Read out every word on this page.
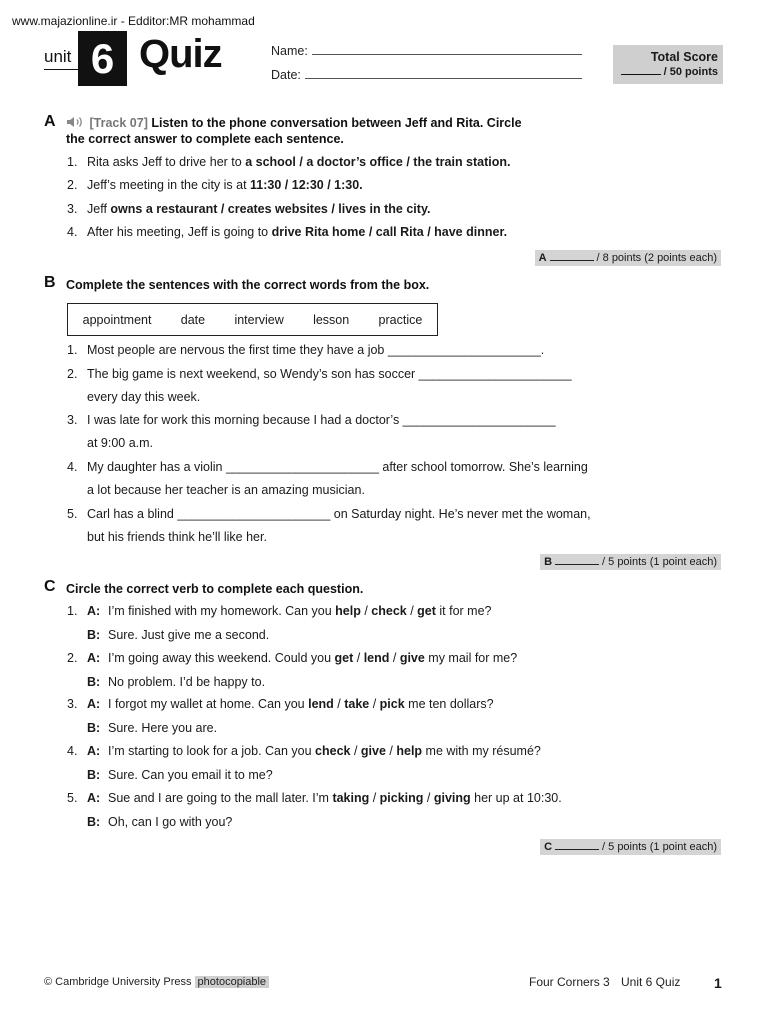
www.majazionline.ir - Edditor:MR mohammad
unit 6 Quiz	Name:
Date:
Total Score
/ 50 points
A	[Track 07] Listen to the phone conversation between Jeff and Rita. Circle
the correct answer to complete each sentence.
1. Rita asks Jeff to drive her to a school / a doctor’s office / the train station.
2. Jeff’s meeting in the city is at 11:30 / 12:30 / 1:30.
3. Jeff owns a restaurant / creates websites / lives in the city.
4. After his meeting, Jeff is going to drive Rita home / call Rita / have dinner.
A	/ 8 points (2 points each)
B Complete the sentences with the correct words from the box.
appointment date interview lesson practice
1. Most people are nervous the first time they have a job ______________________.
2. The big game is next weekend, so Wendy’s son has soccer ______________________
every day this week.
3. I was late for work this morning because I had a doctor’s ______________________
at 9:00 a.m.
4. My daughter has a violin ______________________ after school tomorrow. She’s learning
a lot because her teacher is an amazing musician.
5. Carl has a blind ______________________ on Saturday night. He’s never met the woman,
but his friends think he’ll like her.
B	/ 5 points (1 point each)
C Circle the correct verb to complete each question.
1. A: I’m finished with my homework. Can you help / check / get it for me?
B: Sure. Just give me a second.
2. A: I’m going away this weekend. Could you get / lend / give my mail for me?
B: No problem. I’d be happy to.
3. A: I forgot my wallet at home. Can you lend / take / pick me ten dollars?
B: Sure. Here you are.
4. A: I’m starting to look for a job. Can you check / give / help me with my résumé?
B: Sure. Can you email it to me?
5. A: Sue and I are going to the mall later. I’m taking / picking / giving her up at 10:30.
B: Oh, can I go with you?
C	/ 5 points (1 point each)
© Cambridge University Press photocopiable	Four Corners 3 Unit 6 Quiz 1
